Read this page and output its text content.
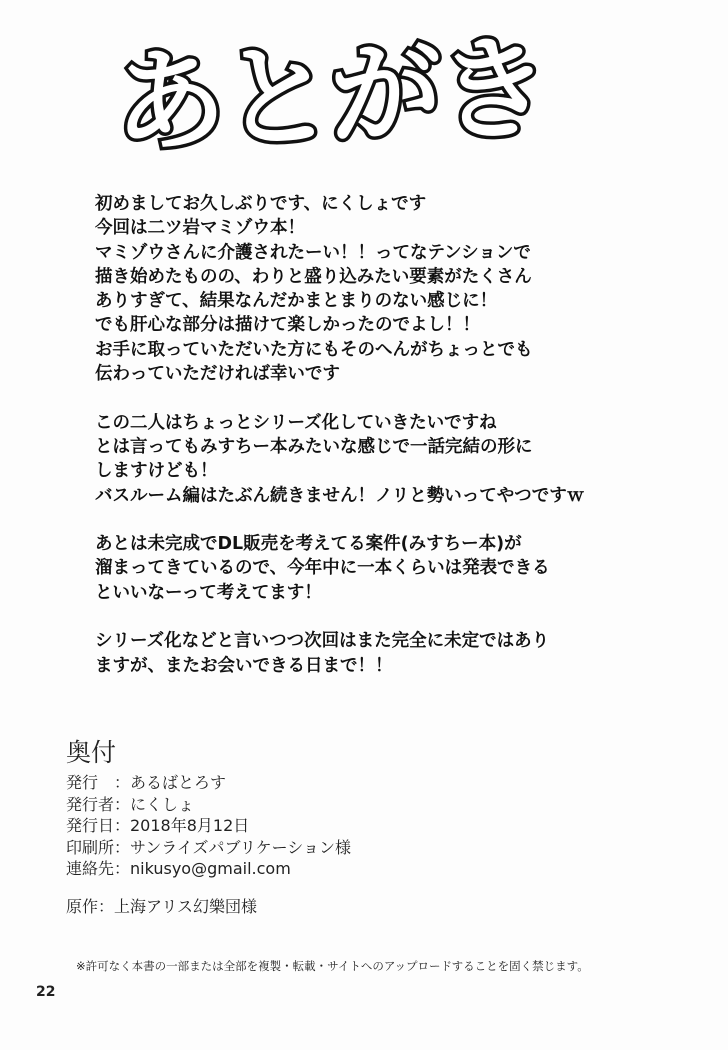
あとがき
初めましてお久しぶりです、にくしょです
今回は二ツ岩マミゾウ本！
マミゾウさんに介護されたーい！！ってなテンションで
描き始めたものの、わりと盛り込みたい要素がたくさん
ありすぎて、結果なんだかまとまりのない感じに！
でも肝心な部分は描けて楽しかったのでよし！！
お手に取っていただいた方にもそのへんがちょっとでも
伝わっていただければ幸いです
この二人はちょっとシリーズ化していきたいですね
とは言ってもみすちー本みたいな感じで一話完結の形に
しますけども！
バスルーム編はたぶん続きません！ノリと勢いってやつですｗ
あとは未完成でDL販売を考えてる案件(みすちー本)が
溜まってきているので、今年中に一本くらいは発表できる
といいなーって考えてます！
シリーズ化などと言いつつ次回はまた完全に未定ではあり
ますが、またお会いできる日まで！！
奥付
発行　：あるばとろす
発行者：にくしょ
発行日：2018年8月12日
印刷所：サンライズパブリケーション様
連絡先：nikusyo@gmail.com
原作：上海アリス幻樂団様
※許可なく本書の一部または全部を複製・転載・サイトへのアップロードすることを固く禁じます。
22
